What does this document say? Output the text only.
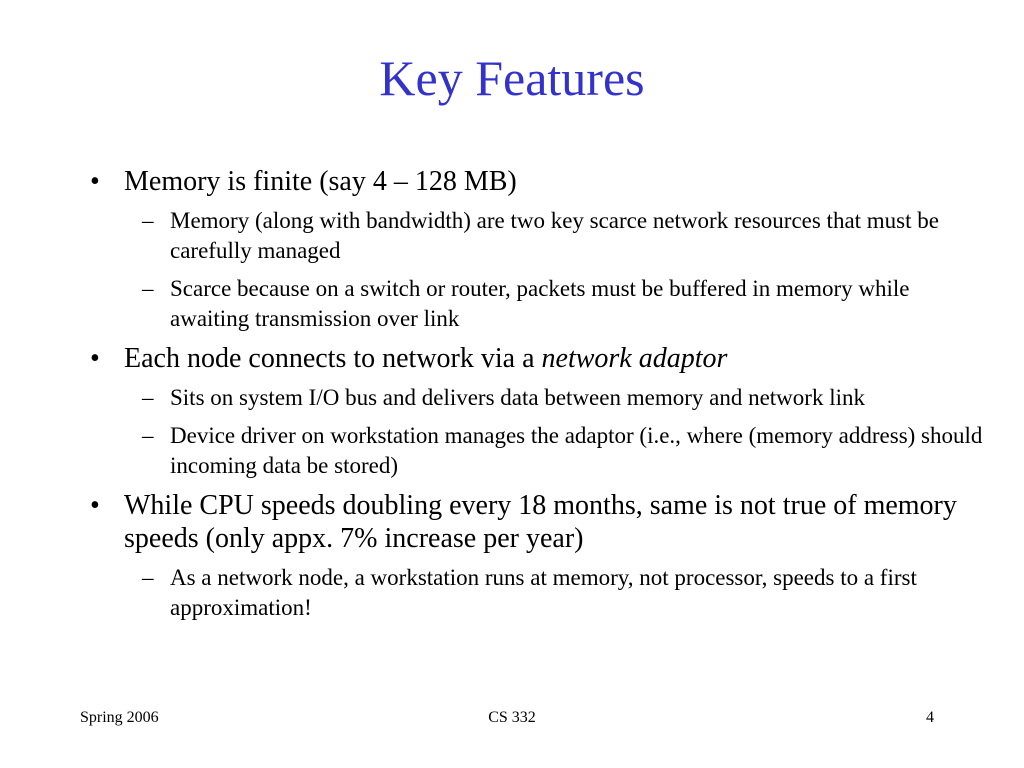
Key Features
• Memory is finite (say 4 – 128 MB)
– Memory (along with bandwidth) are two key scarce network resources that must be carefully managed
– Scarce because on a switch or router, packets must be buffered in memory while awaiting transmission over link
• Each node connects to network via a network adaptor
– Sits on system I/O bus and delivers data between memory and network link
– Device driver on workstation manages the adaptor (i.e., where (memory address) should incoming data be stored)
• While CPU speeds doubling every 18 months, same is not true of memory speeds (only appx. 7% increase per year)
– As a network node, a workstation runs at memory, not processor, speeds to a first approximation!
Spring 2006	CS 332	4
